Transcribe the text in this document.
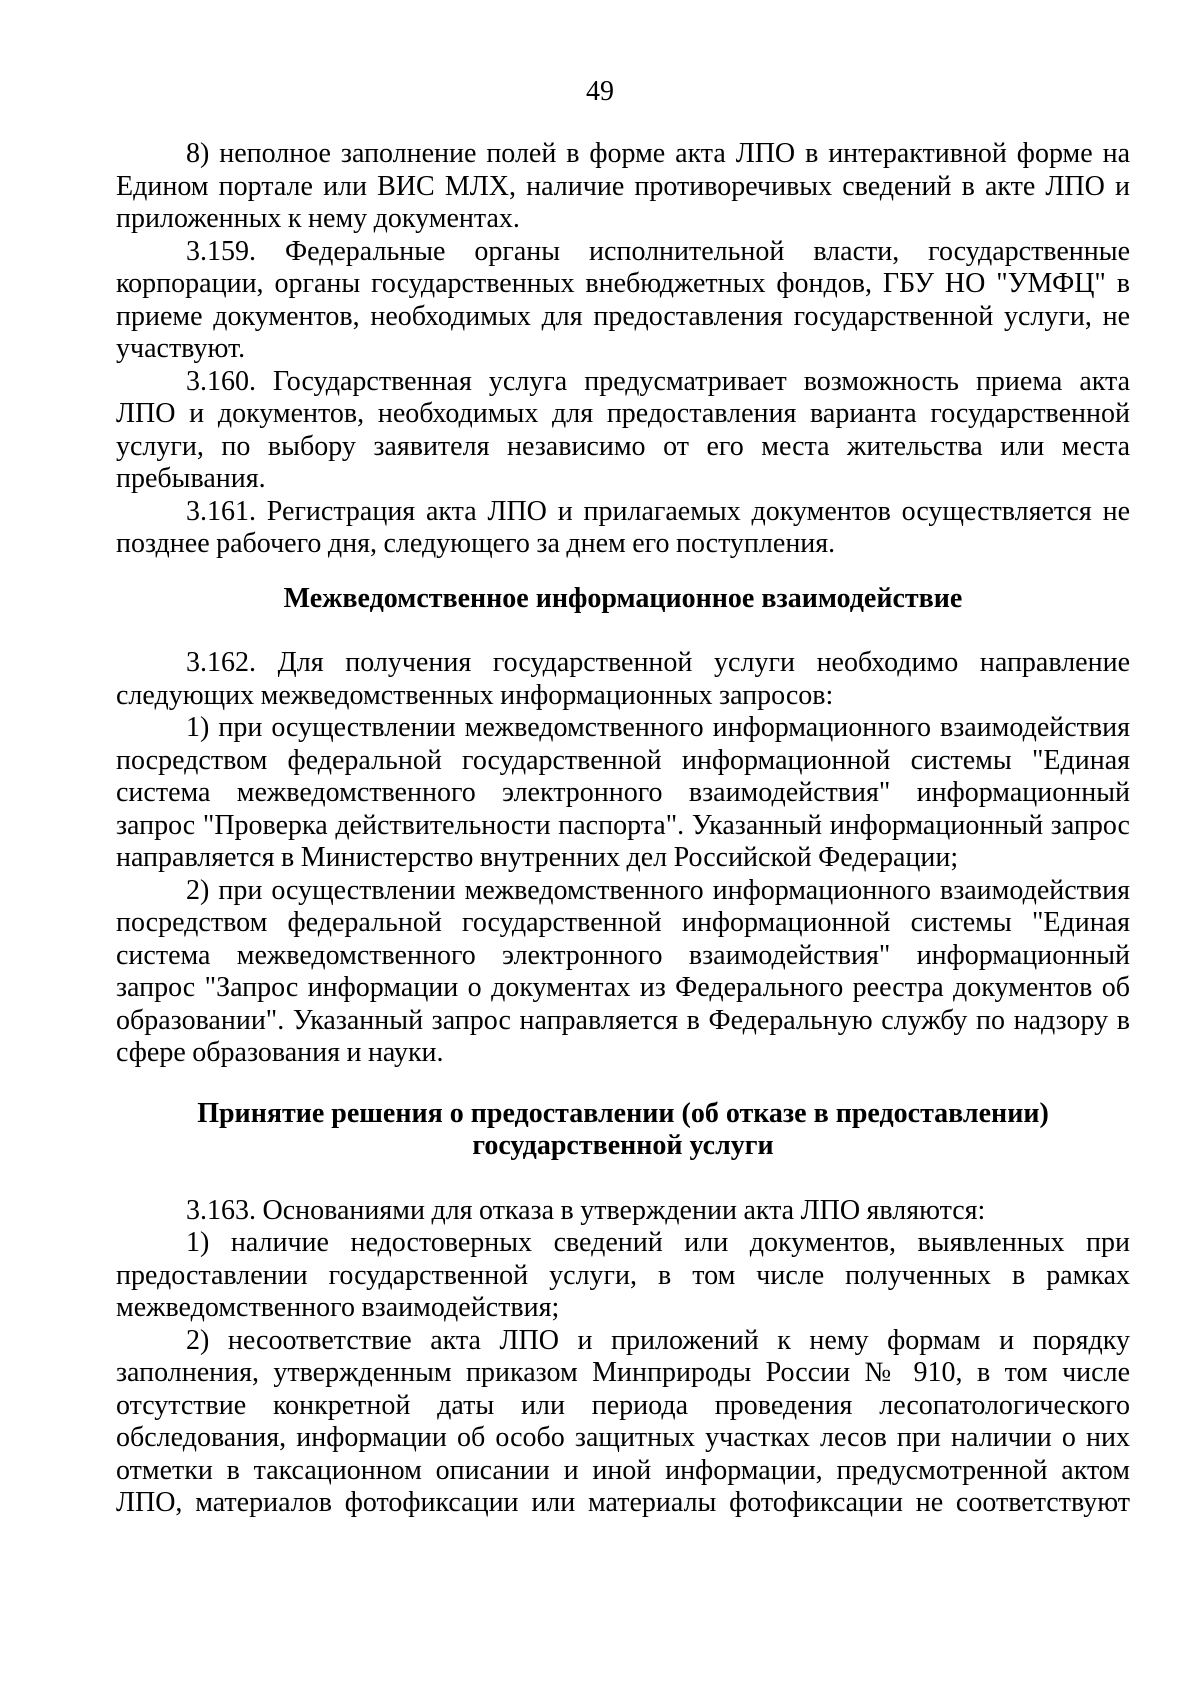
49

8) неполное заполнение полей в форме акта ЛПО в интерактивной форме на Едином портале или ВИС МЛХ, наличие противоречивых сведений в акте ЛПО и приложенных к нему документах.

3.159. Федеральные органы исполнительной власти, государственные корпорации, органы государственных внебюджетных фондов, ГБУ НО "УМФЦ" в приеме документов, необходимых для предоставления государственной услуги, не участвуют.

3.160. Государственная услуга предусматривает возможность приема акта ЛПО и документов, необходимых для предоставления варианта государственной услуги, по выбору заявителя независимо от его места жительства или места пребывания.

3.161. Регистрация акта ЛПО и прилагаемых документов осуществляется не позднее рабочего дня, следующего за днем его поступления.

Межведомственное информационное взаимодействие

3.162. Для получения государственной услуги необходимо направление следующих межведомственных информационных запросов:

1) при осуществлении межведомственного информационного взаимодействия посредством федеральной государственной информационной системы "Единая система межведомственного электронного взаимодействия" информационный запрос "Проверка действительности паспорта". Указанный информационный запрос направляется в Министерство внутренних дел Российской Федерации;

2) при осуществлении межведомственного информационного взаимодействия посредством федеральной государственной информационной системы "Единая система межведомственного электронного взаимодействия" информационный запрос "Запрос информации о документах из Федерального реестра документов об образовании". Указанный запрос направляется в Федеральную службу по надзору в сфере образования и науки.

Принятие решения о предоставлении (об отказе в предоставлении)
государственной услуги

3.163. Основаниями для отказа в утверждении акта ЛПО являются:

1) наличие недостоверных сведений или документов, выявленных при предоставлении государственной услуги, в том числе полученных в рамках межведомственного взаимодействия;

2) несоответствие акта ЛПО и приложений к нему формам и порядку заполнения, утвержденным приказом Минприроды России № 910, в том числе отсутствие конкретной даты или периода проведения лесопатологического обследования, информации об особо защитных участках лесов при наличии о них отметки в таксационном описании и иной информации, предусмотренной актом ЛПО, материалов фотофиксации или материалы фотофиксации не соответствуют
